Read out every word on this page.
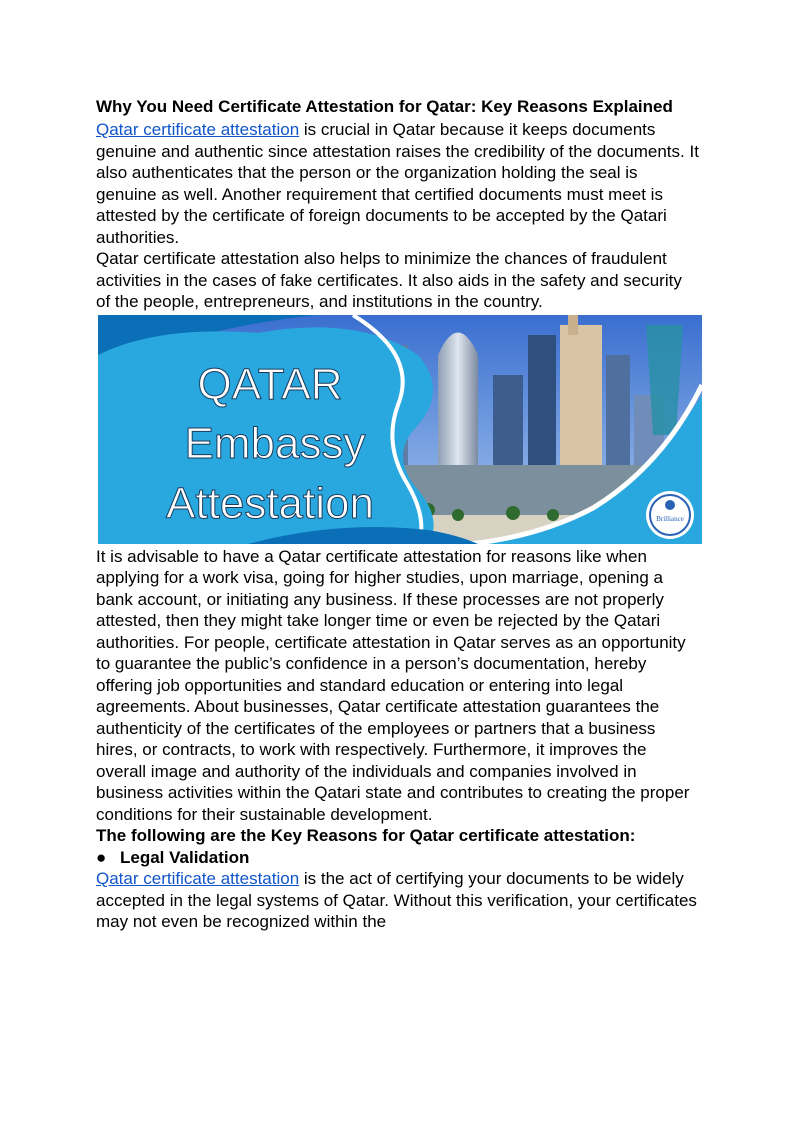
Why You Need Certificate Attestation for Qatar: Key Reasons Explained

Qatar certificate attestation is crucial in Qatar because it keeps documents genuine and authentic since attestation raises the credibility of the documents. It also authenticates that the person or the organization holding the seal is genuine as well. Another requirement that certified documents must meet is attested by the certificate of foreign documents to be accepted by the Qatari authorities.

Qatar certificate attestation also helps to minimize the chances of fraudulent activities in the cases of fake certificates. It also aids in the safety and security of the people, entrepreneurs, and institutions in the country.

Brilliance
QATAR
Embassy
Attestation

It is advisable to have a Qatar certificate attestation for reasons like when applying for a work visa, going for higher studies, upon marriage, opening a bank account, or initiating any business. If these processes are not properly attested, then they might take longer time or even be rejected by the Qatari authorities. For people, certificate attestation in Qatar serves as an opportunity to guarantee the public’s confidence in a person’s documentation, hereby offering job opportunities and standard education or entering into legal agreements. About businesses, Qatar certificate attestation guarantees the authenticity of the certificates of the employees or partners that a business hires, or contracts, to work with respectively. Furthermore, it improves the overall image and authority of the individuals and companies involved in business activities within the Qatari state and contributes to creating the proper conditions for their sustainable development.

The following are the Key Reasons for Qatar certificate attestation:

● Legal Validation

Qatar certificate attestation is the act of certifying your documents to be widely accepted in the legal systems of Qatar. Without this verification, your certificates may not even be recognized within the
